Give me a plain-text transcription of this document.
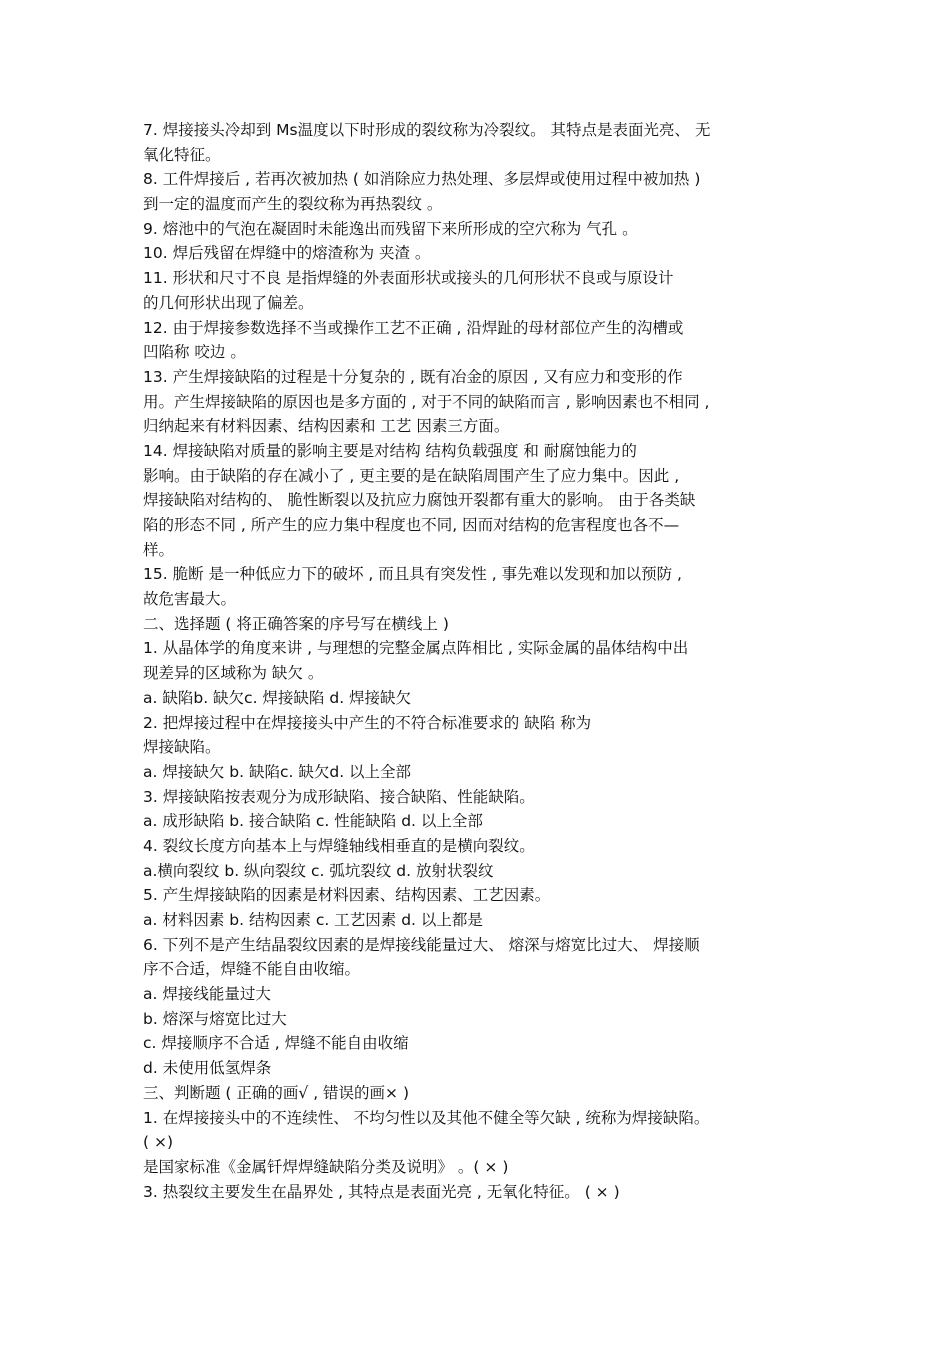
7. 焊接接头冷却到 Ms温度以下时形成的裂纹称为冷裂纹。 其特点是表面光亮、 无
氧化特征。
8. 工件焊接后 , 若再次被加热 ( 如消除应力热处理、多层焊或使用过程中被加热 )
到一定的温度而产生的裂纹称为再热裂纹 。
9. 熔池中的气泡在凝固时未能逸出而残留下来所形成的空穴称为 气孔 。
10. 焊后残留在焊缝中的熔渣称为 夹渣 。
11. 形状和尺寸不良 是指焊缝的外表面形状或接头的几何形状不良或与原设计
的几何形状出现了偏差。
12. 由于焊接参数选择不当或操作工艺不正确 , 沿焊趾的母材部位产生的沟槽或
凹陷称 咬边 。
13. 产生焊接缺陷的过程是十分复杂的 , 既有冶金的原因 , 又有应力和变形的作
用。产生焊接缺陷的原因也是多方面的 , 对于不同的缺陷而言 , 影响因素也不相同 ,
归纳起来有材料因素、结构因素和 工艺 因素三方面。
14. 焊接缺陷对质量的影响主要是对结构 结构负载强度 和 耐腐蚀能力的
影响。由于缺陷的存在减小了 , 更主要的是在缺陷周围产生了应力集中。因此 ,
焊接缺陷对结构的、 脆性断裂以及抗应力腐蚀开裂都有重大的影响。 由于各类缺
陷的形态不同 , 所产生的应力集中程度也不同, 因而对结构的危害程度也各不—
样。
15. 脆断 是一种低应力下的破坏 , 而且具有突发性 , 事先难以发现和加以预防 ,
故危害最大。
二、选择题 ( 将正确答案的序号写在横线上 )
1. 从晶体学的角度来讲 , 与理想的完整金属点阵相比 , 实际金属的晶体结构中出
现差异的区域称为 缺欠 。
a. 缺陷b. 缺欠c. 焊接缺陷 d. 焊接缺欠
2. 把焊接过程中在焊接接头中产生的不符合标准要求的 缺陷 称为
焊接缺陷。
a. 焊接缺欠 b. 缺陷c. 缺欠d. 以上全部
3. 焊接缺陷按表观分为成形缺陷、接合缺陷、性能缺陷。
a. 成形缺陷 b. 接合缺陷 c. 性能缺陷 d. 以上全部
4. 裂纹长度方向基本上与焊缝轴线相垂直的是横向裂纹。
a.横向裂纹 b. 纵向裂纹 c. 弧坑裂纹 d. 放射状裂纹
5. 产生焊接缺陷的因素是材料因素、结构因素、工艺因素。
a. 材料因素 b. 结构因素 c. 工艺因素 d. 以上都是
6. 下列不是产生结晶裂纹因素的是焊接线能量过大、 熔深与熔宽比过大、 焊接顺
序不合适，焊缝不能自由收缩。
a. 焊接线能量过大
b. 熔深与熔宽比过大
c. 焊接顺序不合适 , 焊缝不能自由收缩
d. 未使用低氢焊条
三、判断题 ( 正确的画√ , 错误的画× )
1. 在焊接接头中的不连续性、 不均匀性以及其他不健全等欠缺 , 统称为焊接缺陷。
( ×)
是国家标准《金属钎焊焊缝缺陷分类及说明》 。( × )
3. 热裂纹主要发生在晶界处 , 其特点是表面光亮 , 无氧化特征。 ( × )
